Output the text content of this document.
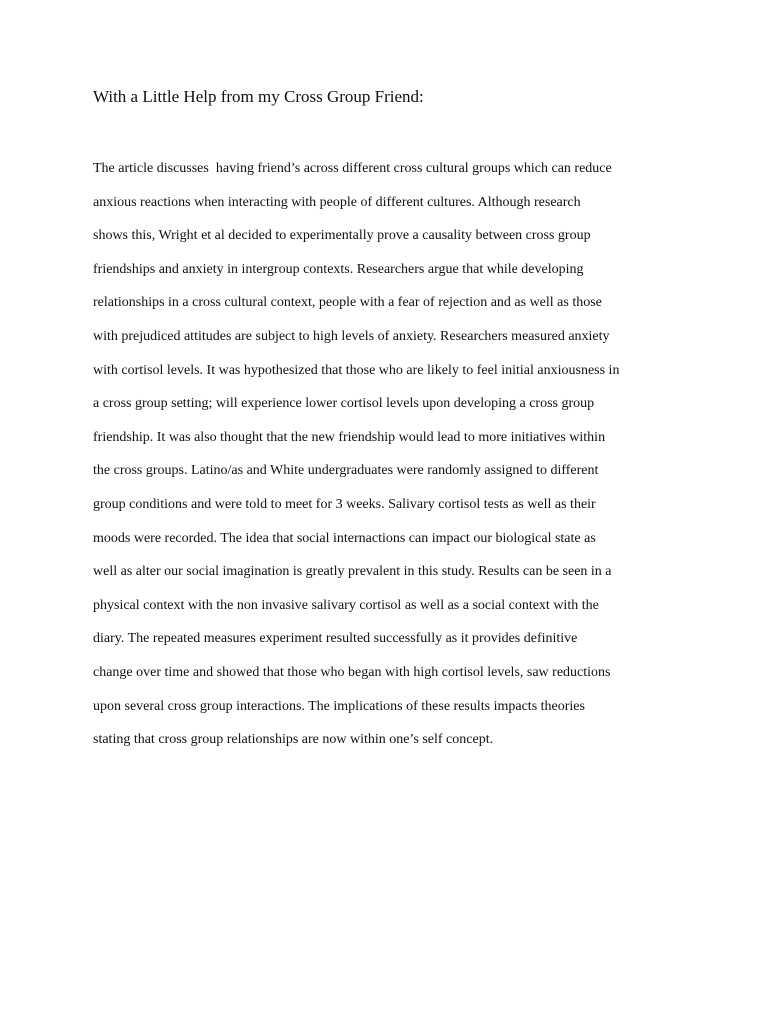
With a Little Help from my Cross Group Friend:
The article discusses  having friend’s across different cross cultural groups which can reduce
anxious reactions when interacting with people of different cultures. Although research
shows this, Wright et al decided to experimentally prove a causality between cross group
friendships and anxiety in intergroup contexts. Researchers argue that while developing
relationships in a cross cultural context, people with a fear of rejection and as well as those
with prejudiced attitudes are subject to high levels of anxiety. Researchers measured anxiety
with cortisol levels. It was hypothesized that those who are likely to feel initial anxiousness in
a cross group setting; will experience lower cortisol levels upon developing a cross group
friendship. It was also thought that the new friendship would lead to more initiatives within
the cross groups. Latino/as and White undergraduates were randomly assigned to different
group conditions and were told to meet for 3 weeks. Salivary cortisol tests as well as their
moods were recorded. The idea that social internactions can impact our biological state as
well as alter our social imagination is greatly prevalent in this study. Results can be seen in a
physical context with the non invasive salivary cortisol as well as a social context with the
diary. The repeated measures experiment resulted successfully as it provides definitive
change over time and showed that those who began with high cortisol levels, saw reductions
upon several cross group interactions. The implications of these results impacts theories
stating that cross group relationships are now within one’s self concept.
